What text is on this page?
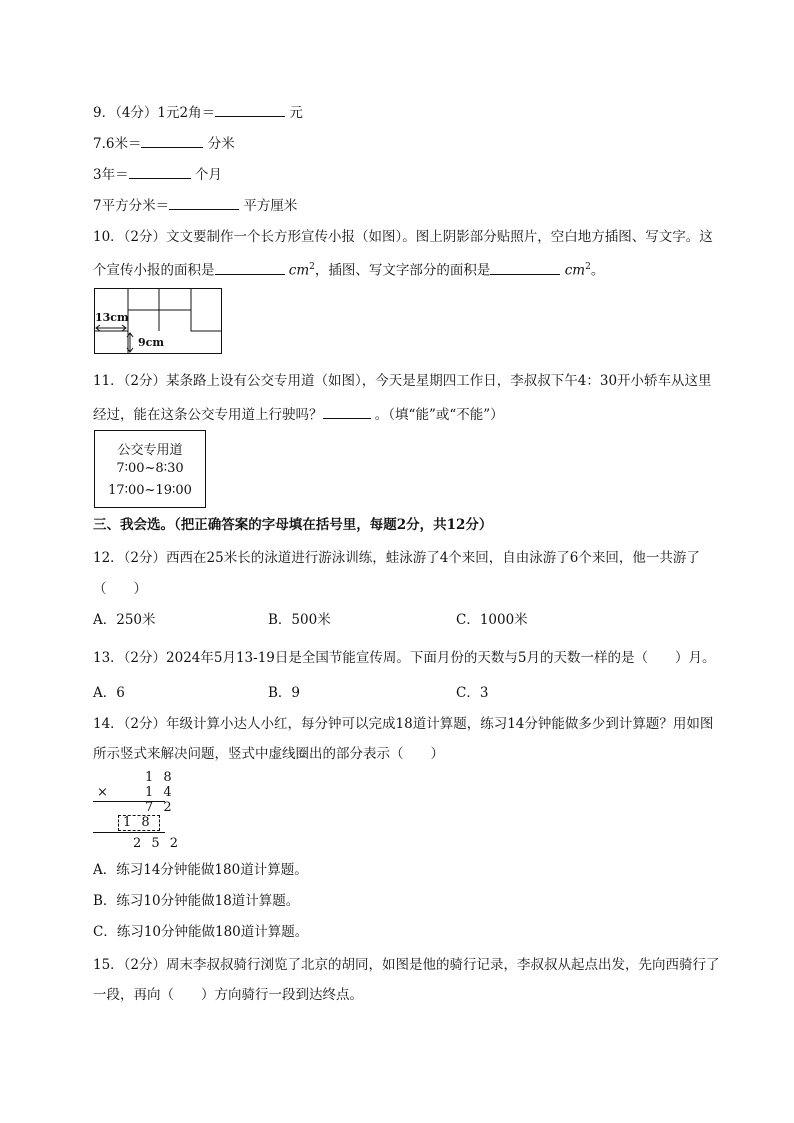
9．（4分）1元2角＝	元
7.6米＝	分米
3年＝	个月
7平方分米＝	平方厘米
10．（2分）文文要制作一个长方形宣传小报（如图）。图上阴影部分贴照片，空白地方插图、写文字。这
个宣传小报的面积是	$cm^2$，插图、写文字部分的面积是	$cm^2$。
13cm
9cm
11．（2分）某条路上设有公交专用道（如图），今天是星期四工作日，李叔叔下午4：30开小轿车从这里
经过，能在这条公交专用道上行驶吗？	。（填“能”或“不能”）
公交专用道
7∶00~8∶30
17∶00~19∶00
三、我会选。（把正确答案的字母填在括号里，每题2分，共12分）
12．（2分）西西在25米长的泳道进行游泳训练，蛙泳游了4个来回，自由泳游了6个来回，他一共游了
（　　）
A．250米	B．500米	C．1000米
13．（2分）2024年5月13-19日是全国节能宣传周。下面月份的天数与5月的天数一样的是（　　）月。
A．6	B．9	C．3
14．（2分）年级计算小达人小红，每分钟可以完成18道计算题，练习14分钟能做多少到计算题？用如图
所示竖式来解决问题，竖式中虚线圈出的部分表示（　　）
1 8
×	1 4
7 2
1 8
2 5 2
A．练习14分钟能做180道计算题。
B．练习10分钟能做18道计算题。
C．练习10分钟能做180道计算题。
15．（2分）周末李叔叔骑行浏览了北京的胡同，如图是他的骑行记录，李叔叔从起点出发，先向西骑行了
一段，再向（　　）方向骑行一段到达终点。
